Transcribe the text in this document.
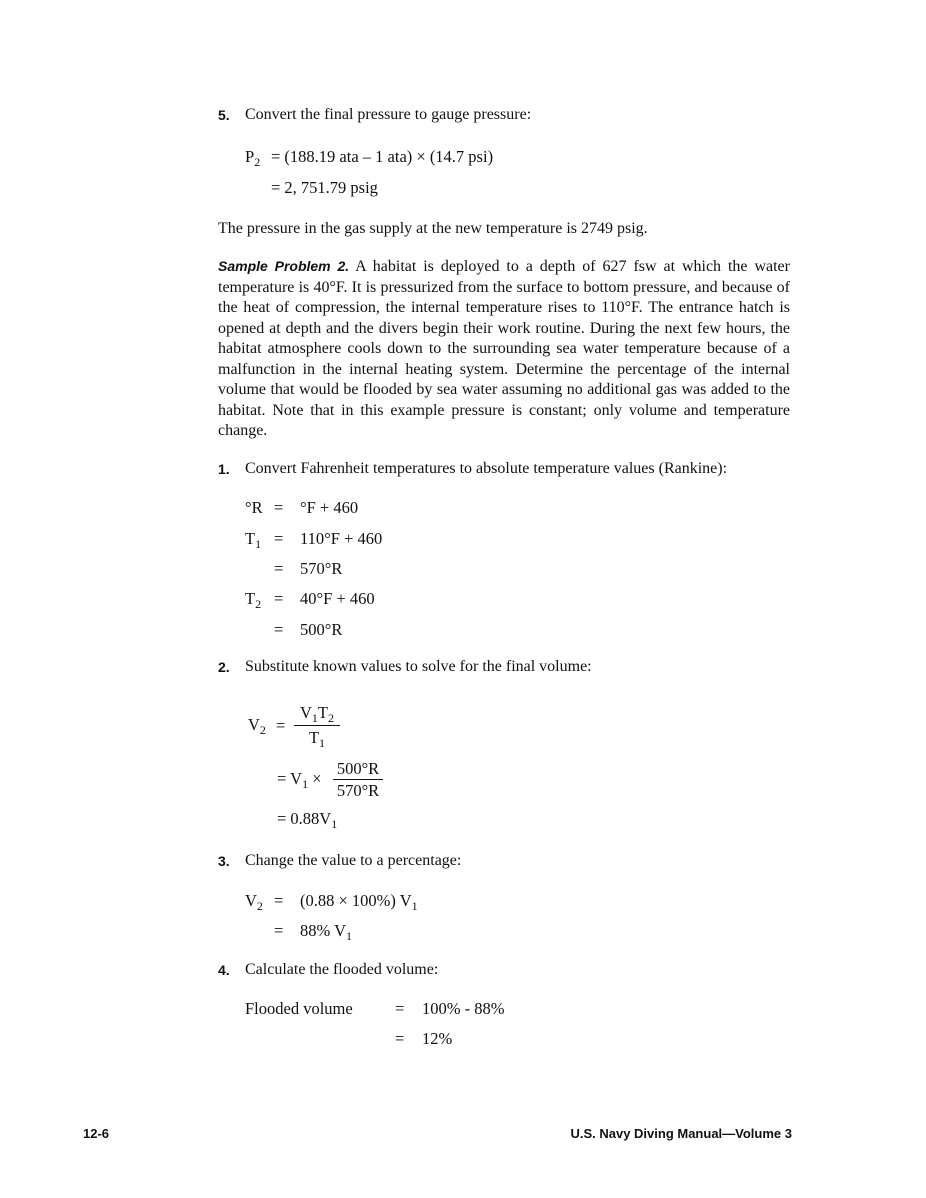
5. Convert the final pressure to gauge pressure:
$P_2 = (188.19$ ata – 1 ata) × (14.7 psi)
= 2, 751.79 psig
The pressure in the gas supply at the new temperature is 2749 psig.
Sample Problem 2. A habitat is deployed to a depth of 627 fsw at which the water temperature is 40°F. It is pressurized from the surface to bottom pressure, and because of the heat of compression, the internal temperature rises to 110°F. The entrance hatch is opened at depth and the divers begin their work routine. During the next few hours, the habitat atmosphere cools down to the surrounding sea water temperature because of a malfunction in the internal heating system. Determine the percentage of the internal volume that would be flooded by sea water assuming no additional gas was added to the habitat. Note that in this example pressure is constant; only volume and temperature change.
1. Convert Fahrenheit temperatures to absolute temperature values (Rankine):
°R = °F + 460
$T_1 = 110^\circ F + 460$
= 570°R
$T_2 = 40^\circ F + 460$
= 500°R
2. Substitute known values to solve for the final volume:
$V_2 = \frac{V_1T_2}{T_1}$
= $V_1 \times \frac{500^\circ R}{570^\circ R}$
= $0.88V_1$
3. Change the value to a percentage:
$V_2 = (0.88 \times 100\%)$ $V_1$
= 88% $V_1$
4. Calculate the flooded volume:
Flooded volume	= 100% - 88%
= 12%
12-6	U.S. Navy Diving Manual—Volume 3
